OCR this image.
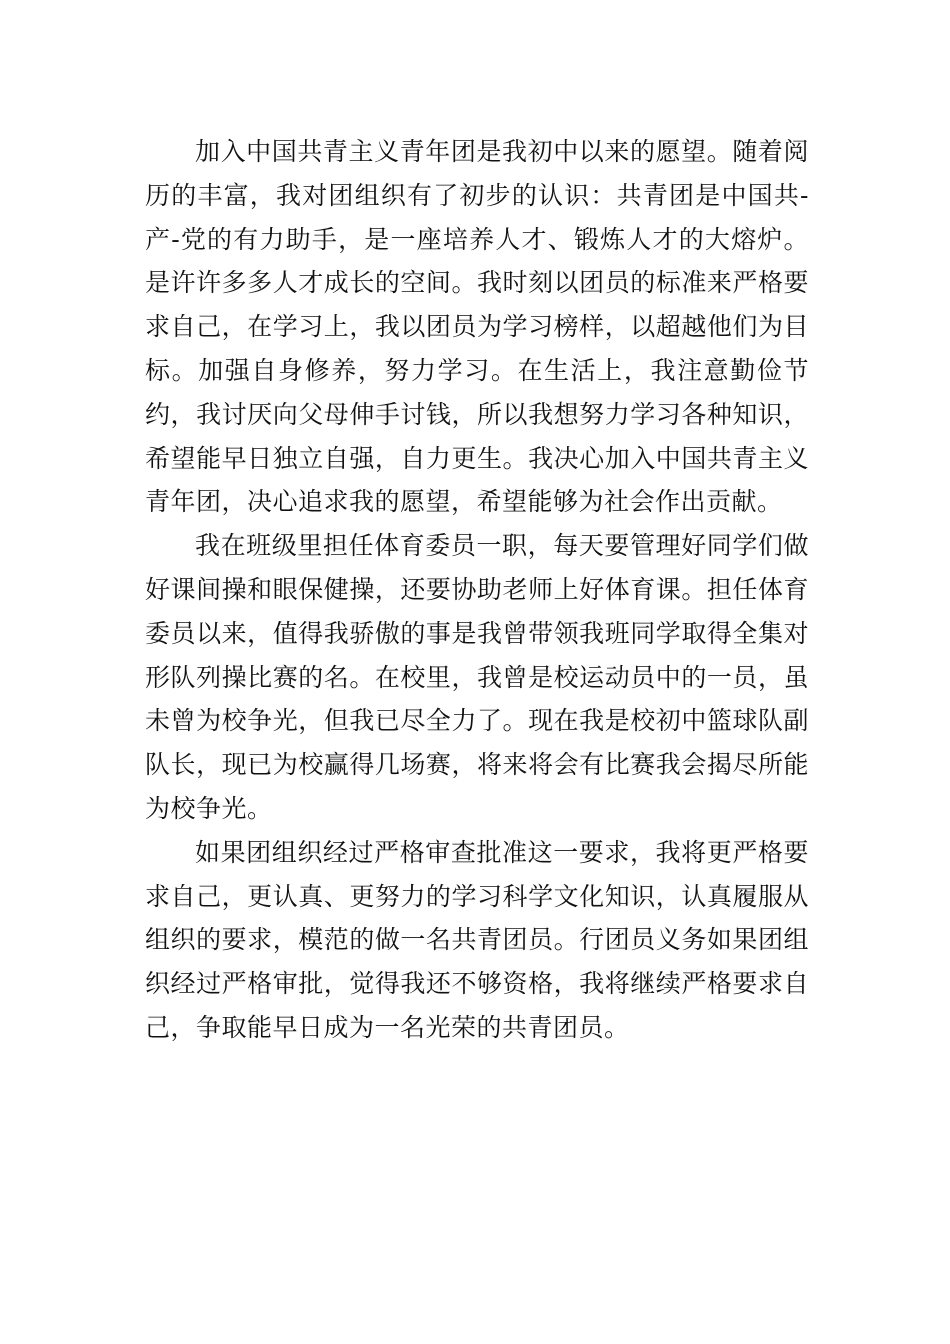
加入中国共青主义青年团是我初中以来的愿望。随着阅历的丰富，我对团组织有了初步的认识：共青团是中国共-产-党的有力助手，是一座培养人才、锻炼人才的大熔炉。是许许多多人才成长的空间。我时刻以团员的标准来严格要求自己，在学习上，我以团员为学习榜样，以超越他们为目标。加强自身修养，努力学习。在生活上，我注意勤俭节约，我讨厌向父母伸手讨钱，所以我想努力学习各种知识，希望能早日独立自强，自力更生。我决心加入中国共青主义青年团，决心追求我的愿望，希望能够为社会作出贡献。

我在班级里担任体育委员一职，每天要管理好同学们做好课间操和眼保健操，还要协助老师上好体育课。担任体育委员以来，值得我骄傲的事是我曾带领我班同学取得全集对形队列操比赛的名。在校里，我曾是校运动员中的一员，虽未曾为校争光，但我已尽全力了。现在我是校初中篮球队副队长，现已为校赢得几场赛，将来将会有比赛我会揭尽所能为校争光。

如果团组织经过严格审查批准这一要求，我将更严格要求自己，更认真、更努力的学习科学文化知识，认真履服从组织的要求，模范的做一名共青团员。行团员义务如果团组织经过严格审批，觉得我还不够资格，我将继续严格要求自己，争取能早日成为一名光荣的共青团员。
